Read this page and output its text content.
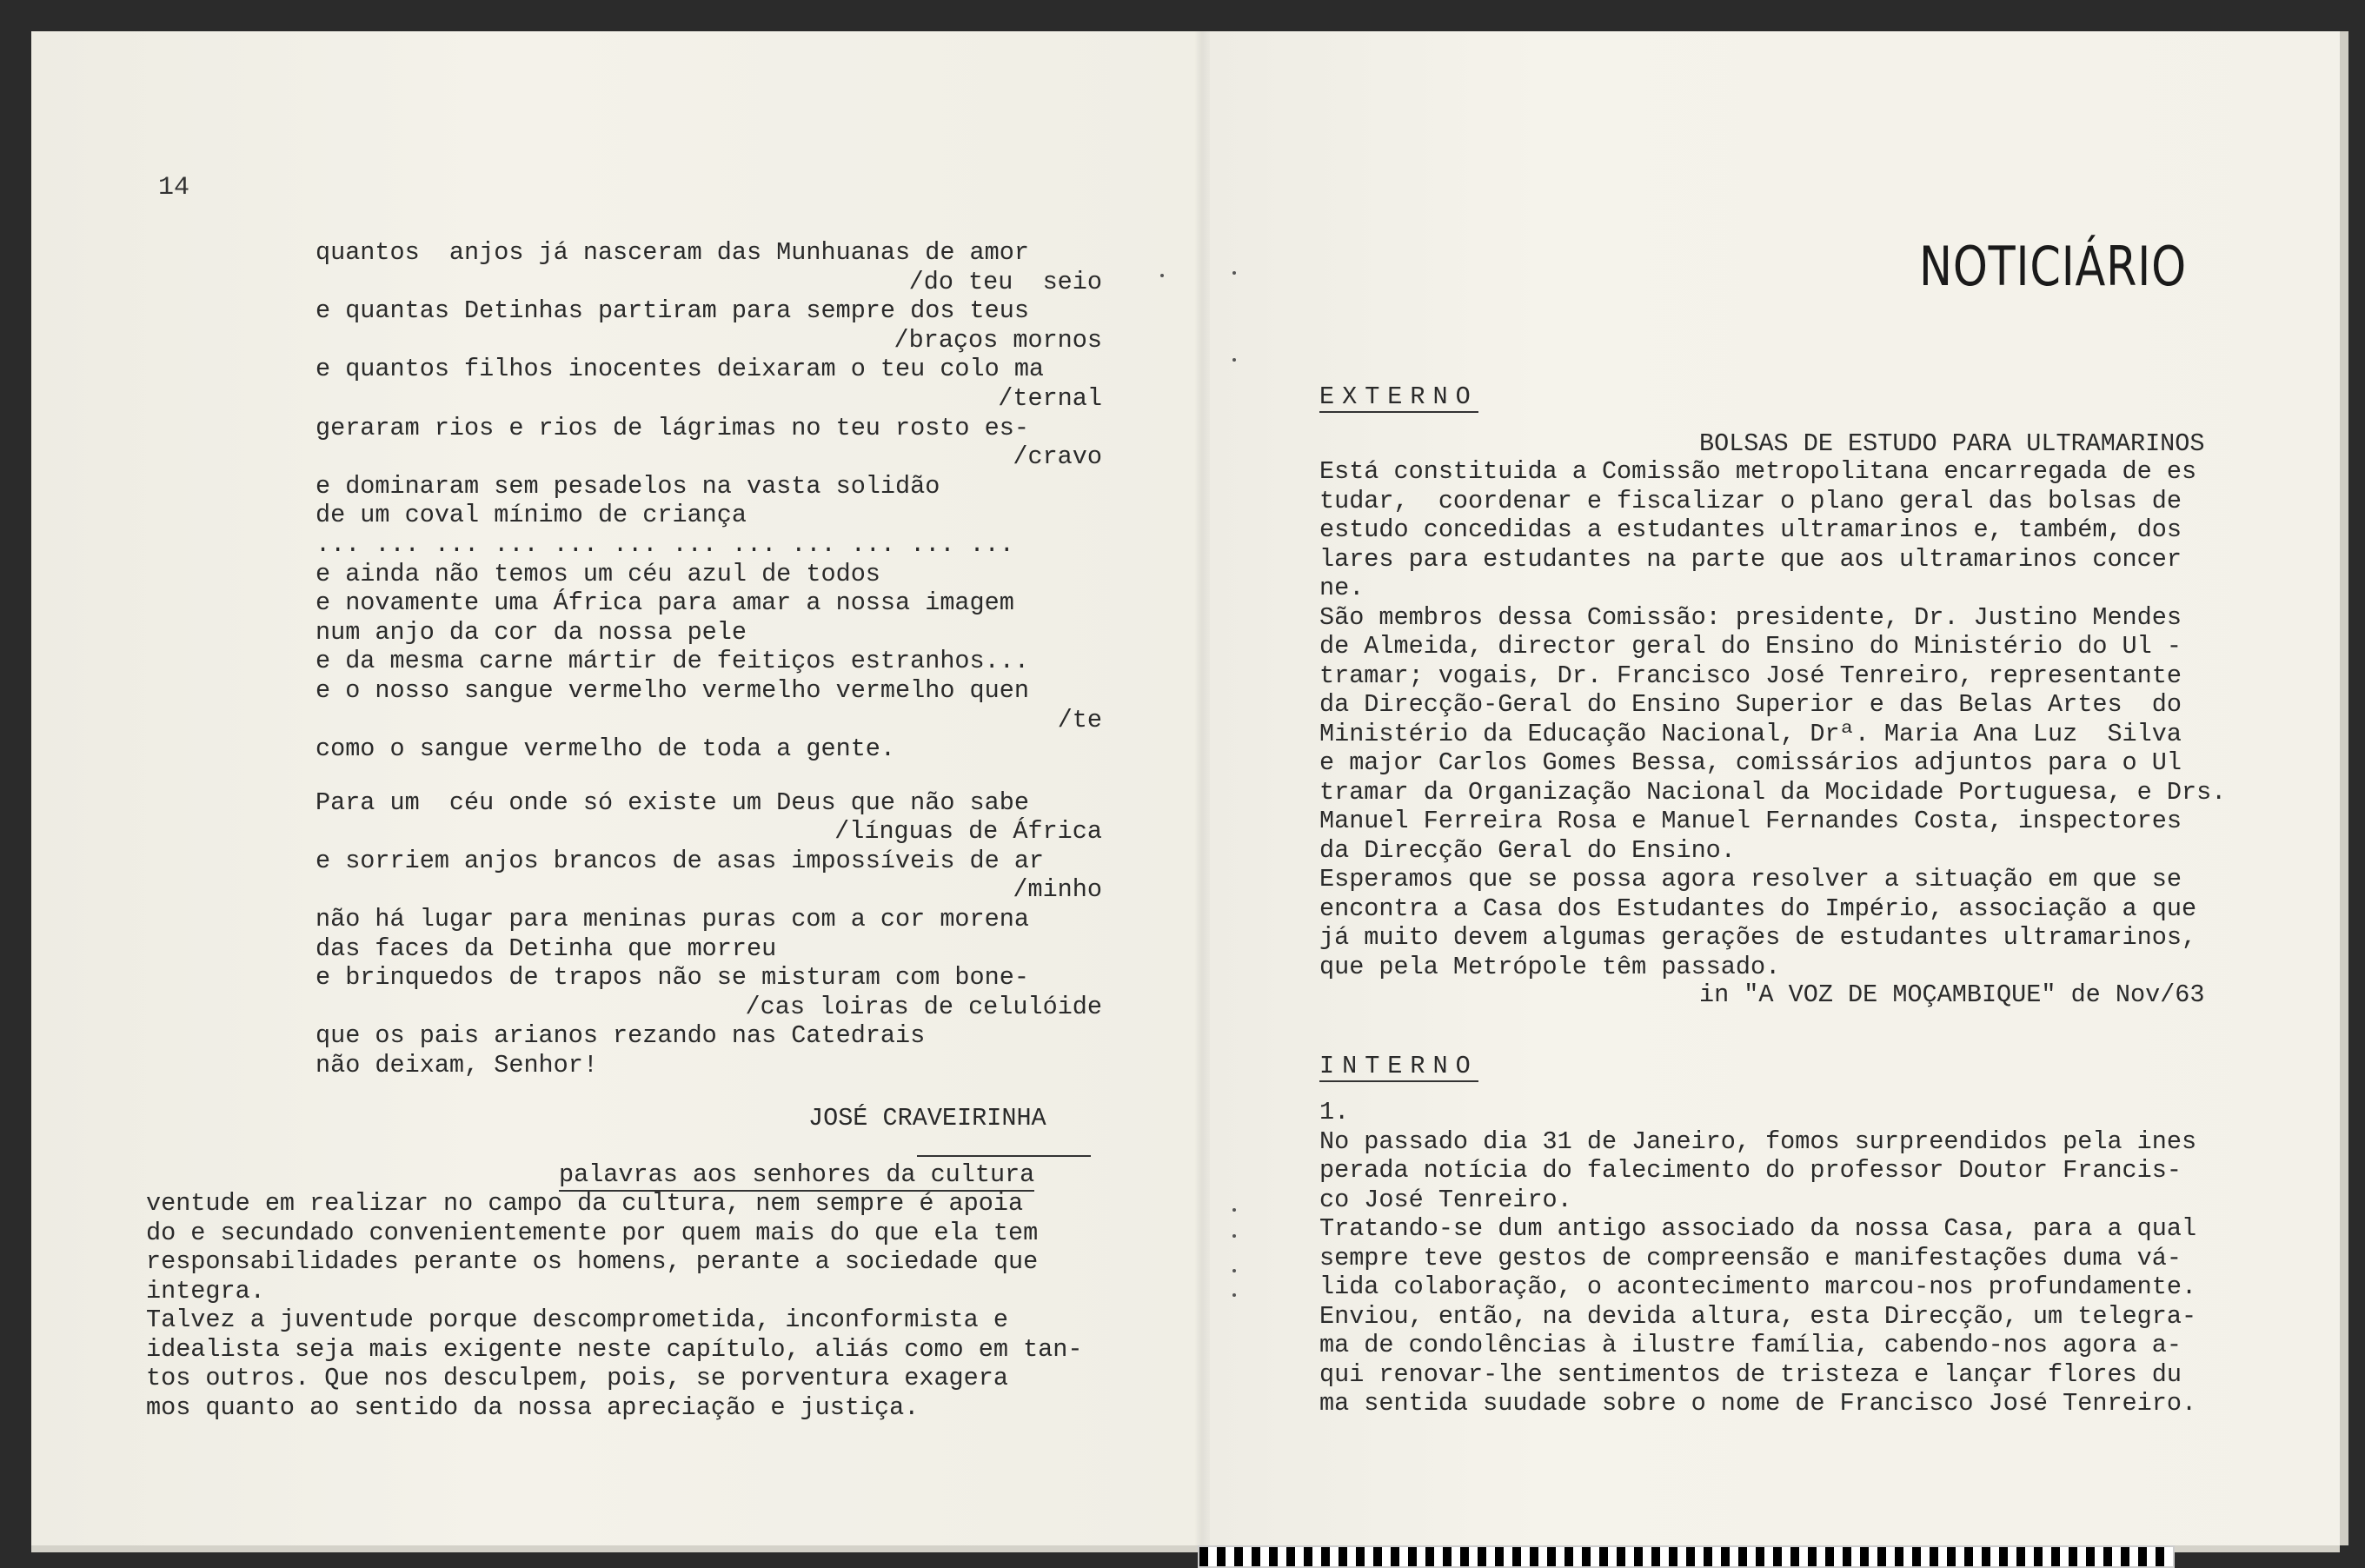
14
quantos  anjos já nasceram das Munhuanas de amor
/do teu  seio
e quantas Detinhas partiram para sempre dos teus
/braços mornos
e quantos filhos inocentes deixaram o teu colo ma
/ternal
geraram rios e rios de lágrimas no teu rosto es-
/cravo
e dominaram sem pesadelos na vasta solidão
de um coval mínimo de criança
... ... ... ... ... ... ... ... ... ... ... ...
e ainda não temos um céu azul de todos
e novamente uma África para amar a nossa imagem
num anjo da cor da nossa pele
e da mesma carne mártir de feitiços estranhos...
e o nosso sangue vermelho vermelho vermelho quen
/te
como o sangue vermelho de toda a gente.
Para um  céu onde só existe um Deus que não sabe
/línguas de África
e sorriem anjos brancos de asas impossíveis de ar
/minho
não há lugar para meninas puras com a cor morena
das faces da Detinha que morreu
e brinquedos de trapos não se misturam com bone-
/cas loiras de celulóide
que os pais arianos rezando nas Catedrais
não deixam, Senhor!
JOSÉ CRAVEIRINHA
palavras aos senhores da cultura
ventude em realizar no campo da cultura, nem sempre é apoia
do e secundado convenientemente por quem mais do que ela tem
responsabilidades perante os homens, perante a sociedade que
integra.
Talvez a juventude porque descomprometida, inconformista e
idealista seja mais exigente neste capítulo, aliás como em tan-
tos outros. Que nos desculpem, pois, se porventura exagera
mos quanto ao sentido da nossa apreciação e justiça.
NOTICIÁRIO
EXTERNO
BOLSAS DE ESTUDO PARA ULTRAMARINOS
Está constituida a Comissão metropolitana encarregada de es
tudar,  coordenar e fiscalizar o plano geral das bolsas de
estudo concedidas a estudantes ultramarinos e, também, dos
lares para estudantes na parte que aos ultramarinos concer
ne.
São membros dessa Comissão: presidente, Dr. Justino Mendes
de Almeida, director geral do Ensino do Ministério do Ul -
tramar; vogais, Dr. Francisco José Tenreiro, representante
da Direcção-Geral do Ensino Superior e das Belas Artes  do
Ministério da Educação Nacional, Drª. Maria Ana Luz  Silva
e major Carlos Gomes Bessa, comissários adjuntos para o Ul
tramar da Organização Nacional da Mocidade Portuguesa, e Drs.
Manuel Ferreira Rosa e Manuel Fernandes Costa, inspectores
da Direcção Geral do Ensino.
Esperamos que se possa agora resolver a situação em que se
encontra a Casa dos Estudantes do Império, associação a que
já muito devem algumas gerações de estudantes ultramarinos,
que pela Metrópole têm passado.
in "A VOZ DE MOÇAMBIQUE" de Nov/63
INTERNO
1.
No passado dia 31 de Janeiro, fomos surpreendidos pela ines
perada notícia do falecimento do professor Doutor Francis-
co José Tenreiro.
Tratando-se dum antigo associado da nossa Casa, para a qual
sempre teve gestos de compreensão e manifestações duma vá-
lida colaboração, o acontecimento marcou-nos profundamente.
Enviou, então, na devida altura, esta Direcção, um telegra-
ma de condolências à ilustre família, cabendo-nos agora a-
qui renovar-lhe sentimentos de tristeza e lançar flores du
ma sentida suudade sobre o nome de Francisco José Tenreiro.
